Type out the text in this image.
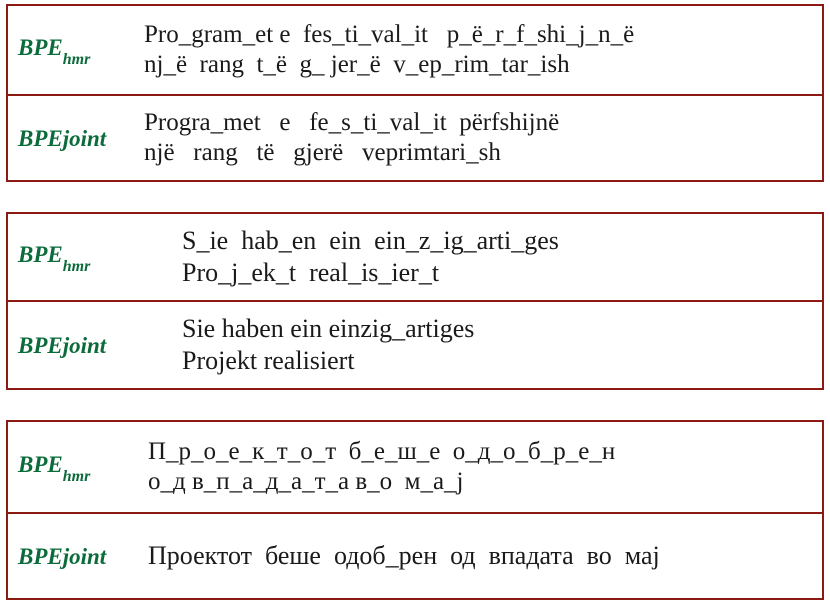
$BPE_{hmr}$
Pro_gram_et e  fes_ti_val_it   p_ë_r_f_shi_j_n_ë
nj_ë  rang  t_ë  g_ jer_ë  v_ep_rim_tar_ish
BPEjoint
Progra_met   e   fe_s_ti_val_it  përfshijnë
një   rang   të   gjerë   veprimtari_sh
$BPE_{hmr}$
S_ie  hab_en  ein  ein_z_ig_arti_ges
Pro_j_ek_t  real_is_ier_t
BPEjoint
Sie haben ein einzig_artiges
Projekt realisiert
$BPE_{hmr}$
П_р_о_е_к_т_о_т  б_е_ш_е  о_д_о_б_р_е_н
о_д в_п_а_д_а_т_а в_о  м_а_ј
BPEjoint Проектот  беше  одоб_рен  од  впадата  во  мај
